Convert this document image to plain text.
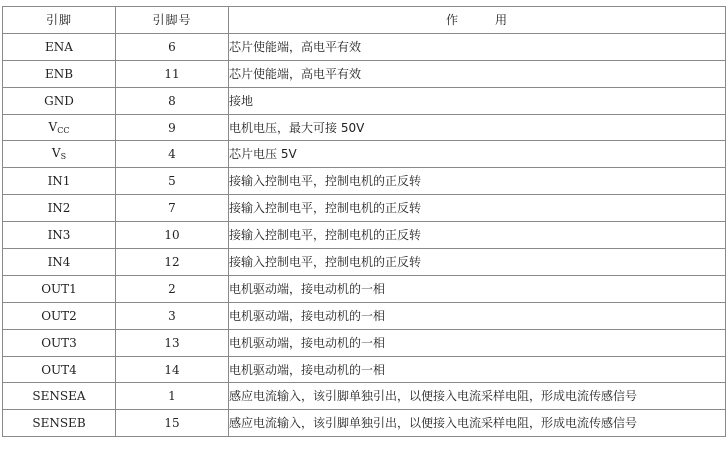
引脚	引脚号	作 用
ENA	6	芯片使能端，高电平有效
ENB	11	芯片使能端，高电平有效
GND	8	接地
$V_{CC}$	9	电机电压，最大可接 50V
$V_S$	4	芯片电压 5V
IN1	5	接输入控制电平，控制电机的正反转
IN2	7	接输入控制电平，控制电机的正反转
IN3	10	接输入控制电平，控制电机的正反转
IN4	12	接输入控制电平，控制电机的正反转
OUT1	2	电机驱动端，接电动机的一相
OUT2	3	电机驱动端，接电动机的一相
OUT3	13	电机驱动端，接电动机的一相
OUT4	14	电机驱动端，接电动机的一相
SENSEA	1	感应电流输入，该引脚单独引出，以便接入电流采样电阻，形成电流传感信号
SENSEB	15	感应电流输入，该引脚单独引出，以便接入电流采样电阻，形成电流传感信号
